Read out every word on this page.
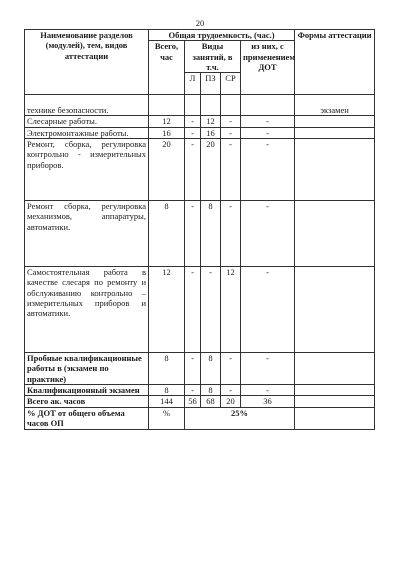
20
Наименование разделов (модулей), тем, видов аттестации	Общая трудоемкость, (час.)					Формы аттестации
	Всего, час	Виды занятий, в т.ч.			из них, с применением ДОТ	
		Л	ПЗ	СР		

технике безопасности.						экзамен
Слесарные работы.	12	-	12	-	-	
Электромонтажные работы.	16	-	16	-	-	
Ремонт, сборка, регулировка контрольно - измерительных приборов.	20	-	20	-	-	
Ремонт сборка, регулировка механизмов, аппаратуры, автоматики.	8	-	8	-	-	
Самостоятельная работа в качестве слесаря по ремонту и обслуживанию контрольно – измерительных приборов и автоматики.	12	-	-	12	-	
Пробные квалификационные работы в (экзамен по практике)	8	-	8	-	-	
Квалификационный экзамен	8	-	8	-	-	
Всего ак. часов	144	56	68	20	36	
% ДОТ от общего объема часов ОП	%	25%				
